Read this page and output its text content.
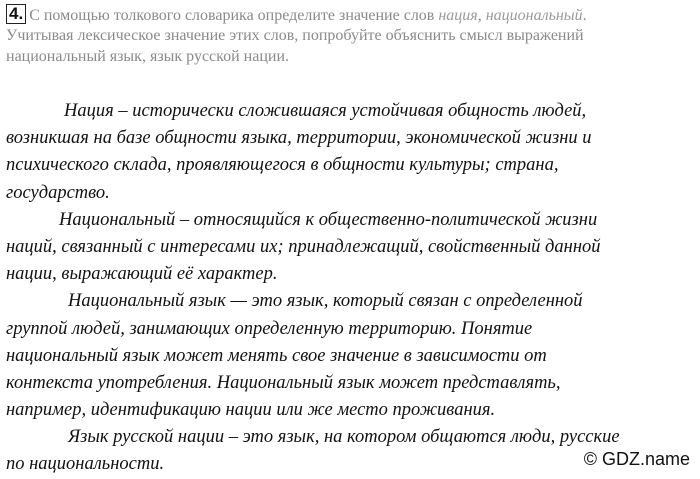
4. С помощью толкового словарика определите значение слов нация, национальный.
Учитывая лексическое значение этих слов, попробуйте объяснить смысл выражений
национальный язык, язык русской нации.
Нация – исторически сложившаяся устойчивая общность людей,
возникшая на базе общности языка, территории, экономической жизни и
психического склада, проявляющегося в общности культуры; страна,
государство.
Национальный – относящийся к общественно-политической жизни
наций, связанный с интересами их; принадлежащий, свойственный данной
нации, выражающий её характер.
Национальный язык — это язык, который связан с определенной
группой людей, занимающих определенную территорию. Понятие
национальный язык может менять свое значение в зависимости от
контекста употребления. Национальный язык может представлять,
например, идентификацию нации или же место проживания.
Язык русской нации – это язык, на котором общаются люди, русские
по национальности.	© GDZ.name
